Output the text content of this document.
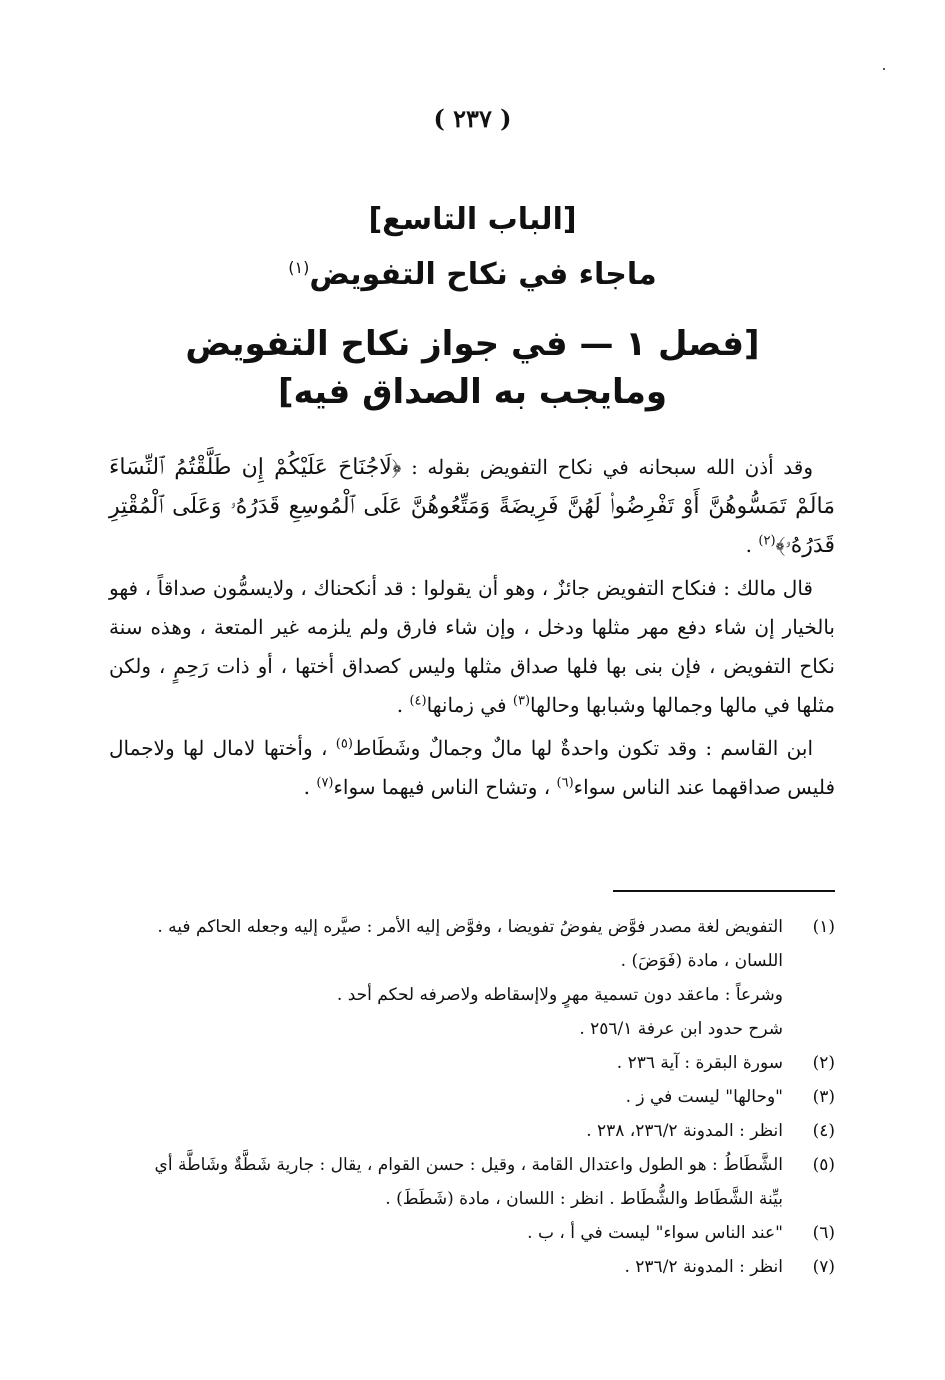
( ٢٣٧ )
[الباب التاسع]
ماجاء في نكاح التفويض$^{(١)}$
[فصل ١ — في جواز نكاح التفويض
ومايجب به الصداق فيه]

وقد أذن الله سبحانه في نكاح التفويض بقوله : ﴿لَاجُنَاحَ عَلَيْكُمْ إِن طَلَّقْتُمُ ٱلنِّسَاءَ مَالَمْ تَمَسُّوهُنَّ أَوْ تَفْرِضُوا۟ لَهُنَّ فَرِيضَةً وَمَتِّعُوهُنَّ عَلَى ٱلْمُوسِعِ قَدَرُهُۥ وَعَلَى ٱلْمُقْتِرِ قَدَرُهُۥ﴾$^{(٢)}$ .

قال مالك : فنكاح التفويض جائزٌ ، وهو أن يقولوا : قد أنكحناك ، ولايسمُّون صداقاً ، فهو بالخيار إن شاء دفع مهر مثلها ودخل ، وإن شاء فارق ولم يلزمه غير المتعة ، وهذه سنة نكاح التفويض ، فإن بنى بها فلها صداق مثلها وليس كصداق أختها ، أو ذات رَحِمٍ ، ولكن مثلها في مالها وجمالها وشبابها وحالها$^{(٣)}$ في زمانها$^{(٤)}$ .

ابن القاسم : وقد تكون واحدةٌ لها مالٌ وجمالٌ وشَطَاط$^{(٥)}$ ، وأختها لامال لها ولاجمال فليس صداقهما عند الناس سواء$^{(٦)}$ ، وتشاح الناس فيهما سواء$^{(٧)}$ .

(١)
التفويض لغة مصدر فوَّض يفوضُ تفويضا ، وفوَّض إليه الأمر : صيَّره إليه وجعله الحاكم فيه .
اللسان ، مادة (فَوَضَ) .
وشرعاً : ماعقد دون تسمية مهرٍ ولاإسقاطه ولاصرفه لحكم أحد .
شرح حدود ابن عرفة ٢٥٦/١ .
(٢)
سورة البقرة : آية ٢٣٦ .
(٣)
"وحالها" ليست في ز .
(٤)
انظر : المدونة ٢٣٦/٢، ٢٣٨ .
(٥)
الشَّطَاطُ : هو الطول واعتدال القامة ، وقيل : حسن القوام ، يقال : جارية شَطَّةٌ وشَاطَّة أي
بيِّنة الشَّطَاط والشُّطَاط . انظر : اللسان ، مادة (شَطَطَ) .
(٦)
"عند الناس سواء" ليست في أ ، ب .
(٧)
انظر : المدونة ٢٣٦/٢ .
